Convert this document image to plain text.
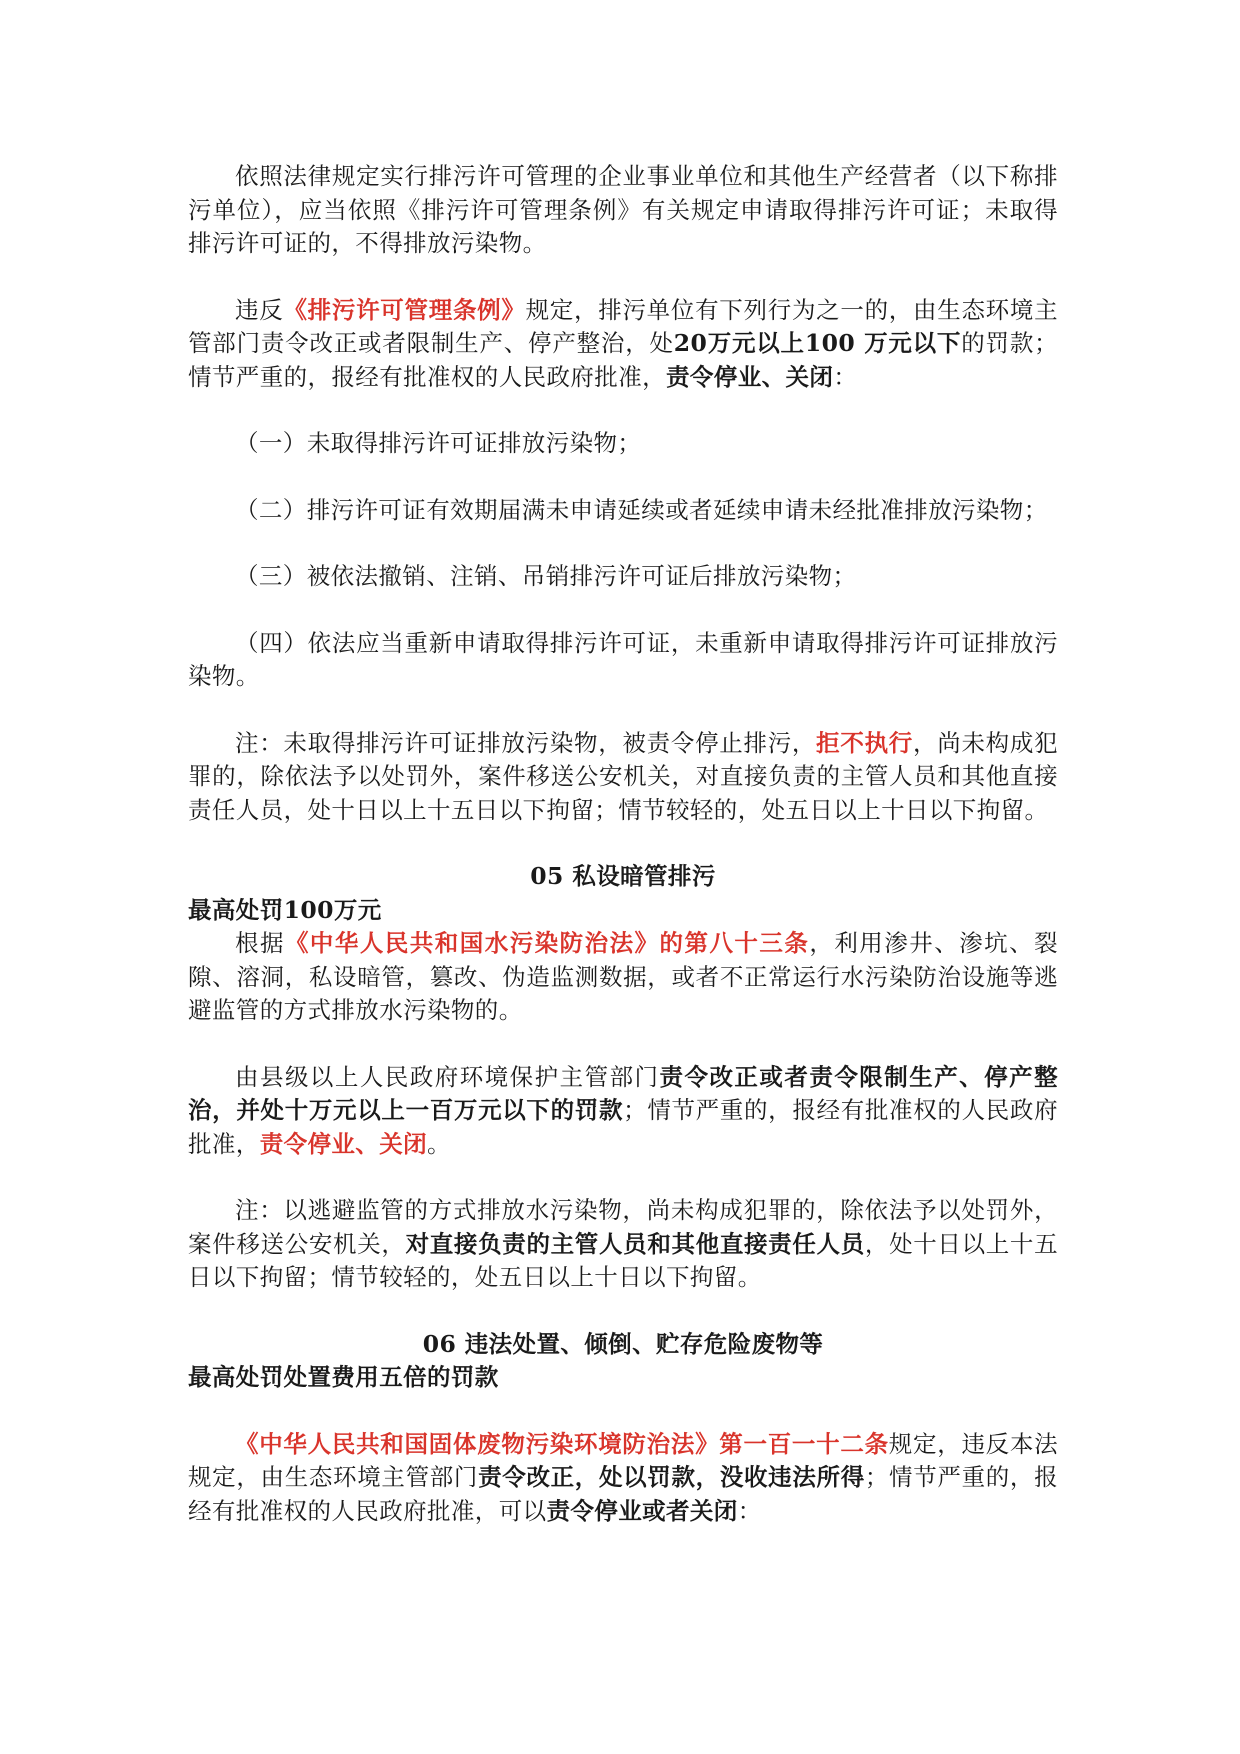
依照法律规定实行排污许可管理的企业事业单位和其他生产经营者（以下称排污单位），应当依照《排污许可管理条例》有关规定申请取得排污许可证；未取得排污许可证的，不得排放污染物。

违反《排污许可管理条例》规定，排污单位有下列行为之一的，由生态环境主管部门责令改正或者限制生产、停产整治，处20万元以上100 万元以下的罚款；情节严重的，报经有批准权的人民政府批准，责令停业、关闭：

（一）未取得排污许可证排放污染物；

（二）排污许可证有效期届满未申请延续或者延续申请未经批准排放污染物；

（三）被依法撤销、注销、吊销排污许可证后排放污染物；

（四）依法应当重新申请取得排污许可证，未重新申请取得排污许可证排放污染物。

注：未取得排污许可证排放污染物，被责令停止排污，拒不执行，尚未构成犯罪的，除依法予以处罚外，案件移送公安机关，对直接负责的主管人员和其他直接责任人员，处十日以上十五日以下拘留；情节较轻的，处五日以上十日以下拘留。

05 私设暗管排污

最高处罚100万元

根据《中华人民共和国水污染防治法》的第八十三条，利用渗井、渗坑、裂隙、溶洞，私设暗管，篡改、伪造监测数据，或者不正常运行水污染防治设施等逃避监管的方式排放水污染物的。

由县级以上人民政府环境保护主管部门责令改正或者责令限制生产、停产整治，并处十万元以上一百万元以下的罚款；情节严重的，报经有批准权的人民政府批准，责令停业、关闭。

注：以逃避监管的方式排放水污染物，尚未构成犯罪的，除依法予以处罚外，案件移送公安机关，对直接负责的主管人员和其他直接责任人员，处十日以上十五日以下拘留；情节较轻的，处五日以上十日以下拘留。

06 违法处置、倾倒、贮存危险废物等

最高处罚处置费用五倍的罚款

《中华人民共和国固体废物污染环境防治法》第一百一十二条规定，违反本法规定，由生态环境主管部门责令改正，处以罚款，没收违法所得；情节严重的，报经有批准权的人民政府批准，可以责令停业或者关闭：
